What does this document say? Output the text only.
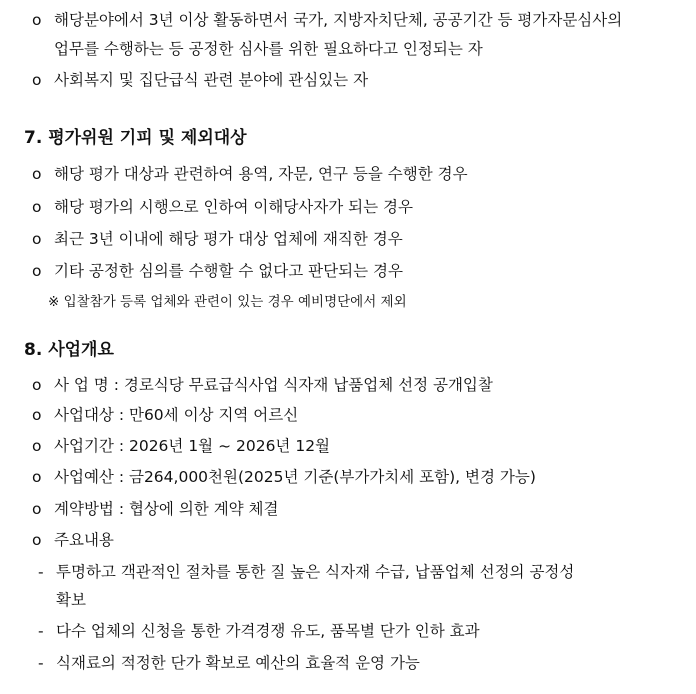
o 해당분야에서 3년 이상 활동하면서 국가, 지방자치단체, 공공기간 등 평가자문심사의
업무를 수행하는 등 공정한 심사를 위한 필요하다고 인정되는 자
o 사회복지 및 집단급식 관련 분야에 관심있는 자
7. 평가위원 기피 및 제외대상
o 해당 평가 대상과 관련하여 용역, 자문, 연구 등을 수행한 경우
o 해당 평가의 시행으로 인하여 이해당사자가 되는 경우
o 최근 3년 이내에 해당 평가 대상 업체에 재직한 경우
o 기타 공정한 심의를 수행할 수 없다고 판단되는 경우
※ 입찰참가 등록 업체와 관련이 있는 경우 예비명단에서 제외
8. 사업개요
o 사 업 명 : 경로식당 무료급식사업 식자재 납품업체 선정 공개입찰
o 사업대상 : 만60세 이상 지역 어르신
o 사업기간 : 2026년 1월 ~ 2026년 12월
o 사업예산 : 금264,000천원(2025년 기준(부가가치세 포함), 변경 가능)
o 계약방법 : 협상에 의한 계약 체결
o 주요내용
- 투명하고 객관적인 절차를 통한 질 높은 식자재 수급, 납품업체 선정의 공정성
확보
- 다수 업체의 신청을 통한 가격경쟁 유도, 품목별 단가 인하 효과
- 식재료의 적정한 단가 확보로 예산의 효율적 운영 가능
